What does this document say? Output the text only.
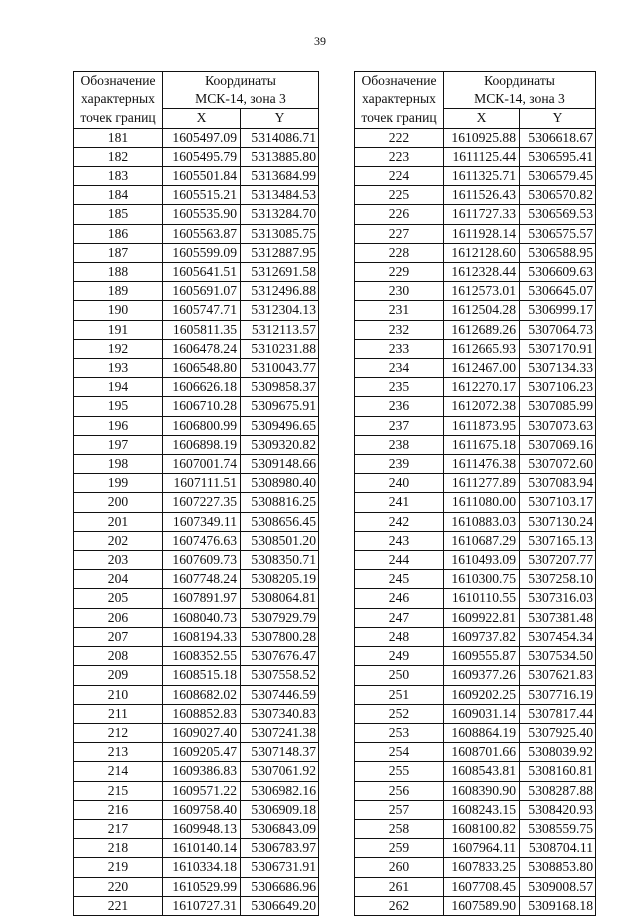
39
Обозначение	Координаты	
характерных	МСК-14, зона 3	
точек границ	X	Y
181	1605497.09	5314086.71
182	1605495.79	5313885.80
183	1605501.84	5313684.99
184	1605515.21	5313484.53
185	1605535.90	5313284.70
186	1605563.87	5313085.75
187	1605599.09	5312887.95
188	1605641.51	5312691.58
189	1605691.07	5312496.88
190	1605747.71	5312304.13
191	1605811.35	5312113.57
192	1606478.24	5310231.88
193	1606548.80	5310043.77
194	1606626.18	5309858.37
195	1606710.28	5309675.91
196	1606800.99	5309496.65
197	1606898.19	5309320.82
198	1607001.74	5309148.66
199	1607111.51	5308980.40
200	1607227.35	5308816.25
201	1607349.11	5308656.45
202	1607476.63	5308501.20
203	1607609.73	5308350.71
204	1607748.24	5308205.19
205	1607891.97	5308064.81
206	1608040.73	5307929.79
207	1608194.33	5307800.28
208	1608352.55	5307676.47
209	1608515.18	5307558.52
210	1608682.02	5307446.59
211	1608852.83	5307340.83
212	1609027.40	5307241.38
213	1609205.47	5307148.37
214	1609386.83	5307061.92
215	1609571.22	5306982.16
216	1609758.40	5306909.18
217	1609948.13	5306843.09
218	1610140.14	5306783.97
219	1610334.18	5306731.91
220	1610529.99	5306686.96
221	1610727.31	5306649.20
Обозначение	Координаты	
характерных	МСК-14, зона 3	
точек границ	X	Y
222	1610925.88	5306618.67
223	1611125.44	5306595.41
224	1611325.71	5306579.45
225	1611526.43	5306570.82
226	1611727.33	5306569.53
227	1611928.14	5306575.57
228	1612128.60	5306588.95
229	1612328.44	5306609.63
230	1612573.01	5306645.07
231	1612504.28	5306999.17
232	1612689.26	5307064.73
233	1612665.93	5307170.91
234	1612467.00	5307134.33
235	1612270.17	5307106.23
236	1612072.38	5307085.99
237	1611873.95	5307073.63
238	1611675.18	5307069.16
239	1611476.38	5307072.60
240	1611277.89	5307083.94
241	1611080.00	5307103.17
242	1610883.03	5307130.24
243	1610687.29	5307165.13
244	1610493.09	5307207.77
245	1610300.75	5307258.10
246	1610110.55	5307316.03
247	1609922.81	5307381.48
248	1609737.82	5307454.34
249	1609555.87	5307534.50
250	1609377.26	5307621.83
251	1609202.25	5307716.19
252	1609031.14	5307817.44
253	1608864.19	5307925.40
254	1608701.66	5308039.92
255	1608543.81	5308160.81
256	1608390.90	5308287.88
257	1608243.15	5308420.93
258	1608100.82	5308559.75
259	1607964.11	5308704.11
260	1607833.25	5308853.80
261	1607708.45	5309008.57
262	1607589.90	5309168.18
